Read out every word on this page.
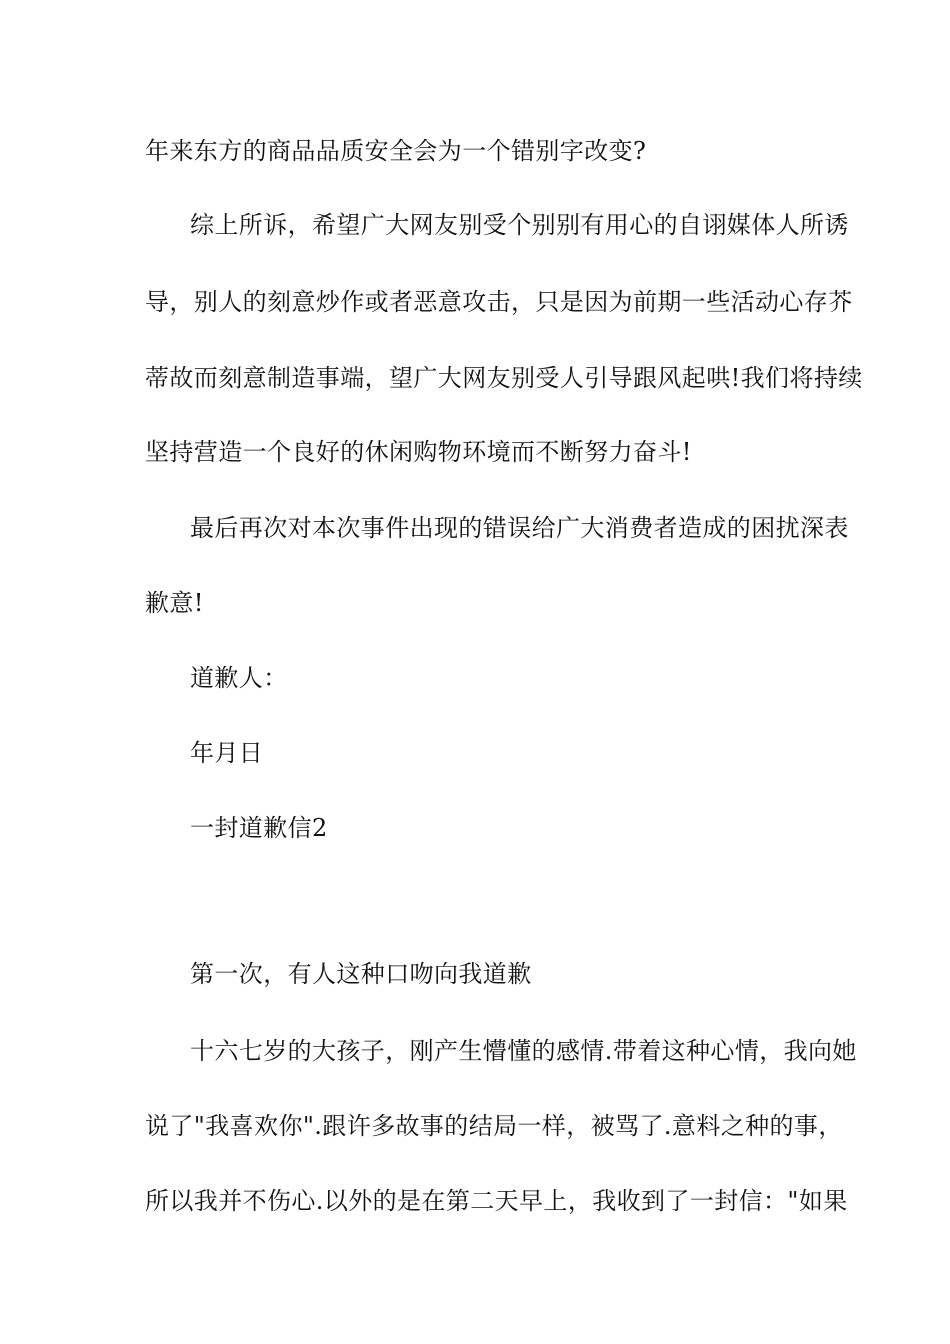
年来东方的商品品质安全会为一个错别字改变?
综上所诉，希望广大网友别受个别别有用心的自诩媒体人所诱
导，别人的刻意炒作或者恶意攻击，只是因为前期一些活动心存芥
蒂故而刻意制造事端，望广大网友别受人引导跟风起哄!我们将持续
坚持营造一个良好的休闲购物环境而不断努力奋斗!
最后再次对本次事件出现的错误给广大消费者造成的困扰深表
歉意!
道歉人：
年月日
一封道歉信2
第一次，有人这种口吻向我道歉
十六七岁的大孩子，刚产生懵懂的感情.带着这种心情，我向她
说了"我喜欢你".跟许多故事的结局一样，被骂了.意料之种的事，
所以我并不伤心.以外的是在第二天早上，我收到了一封信："如果
